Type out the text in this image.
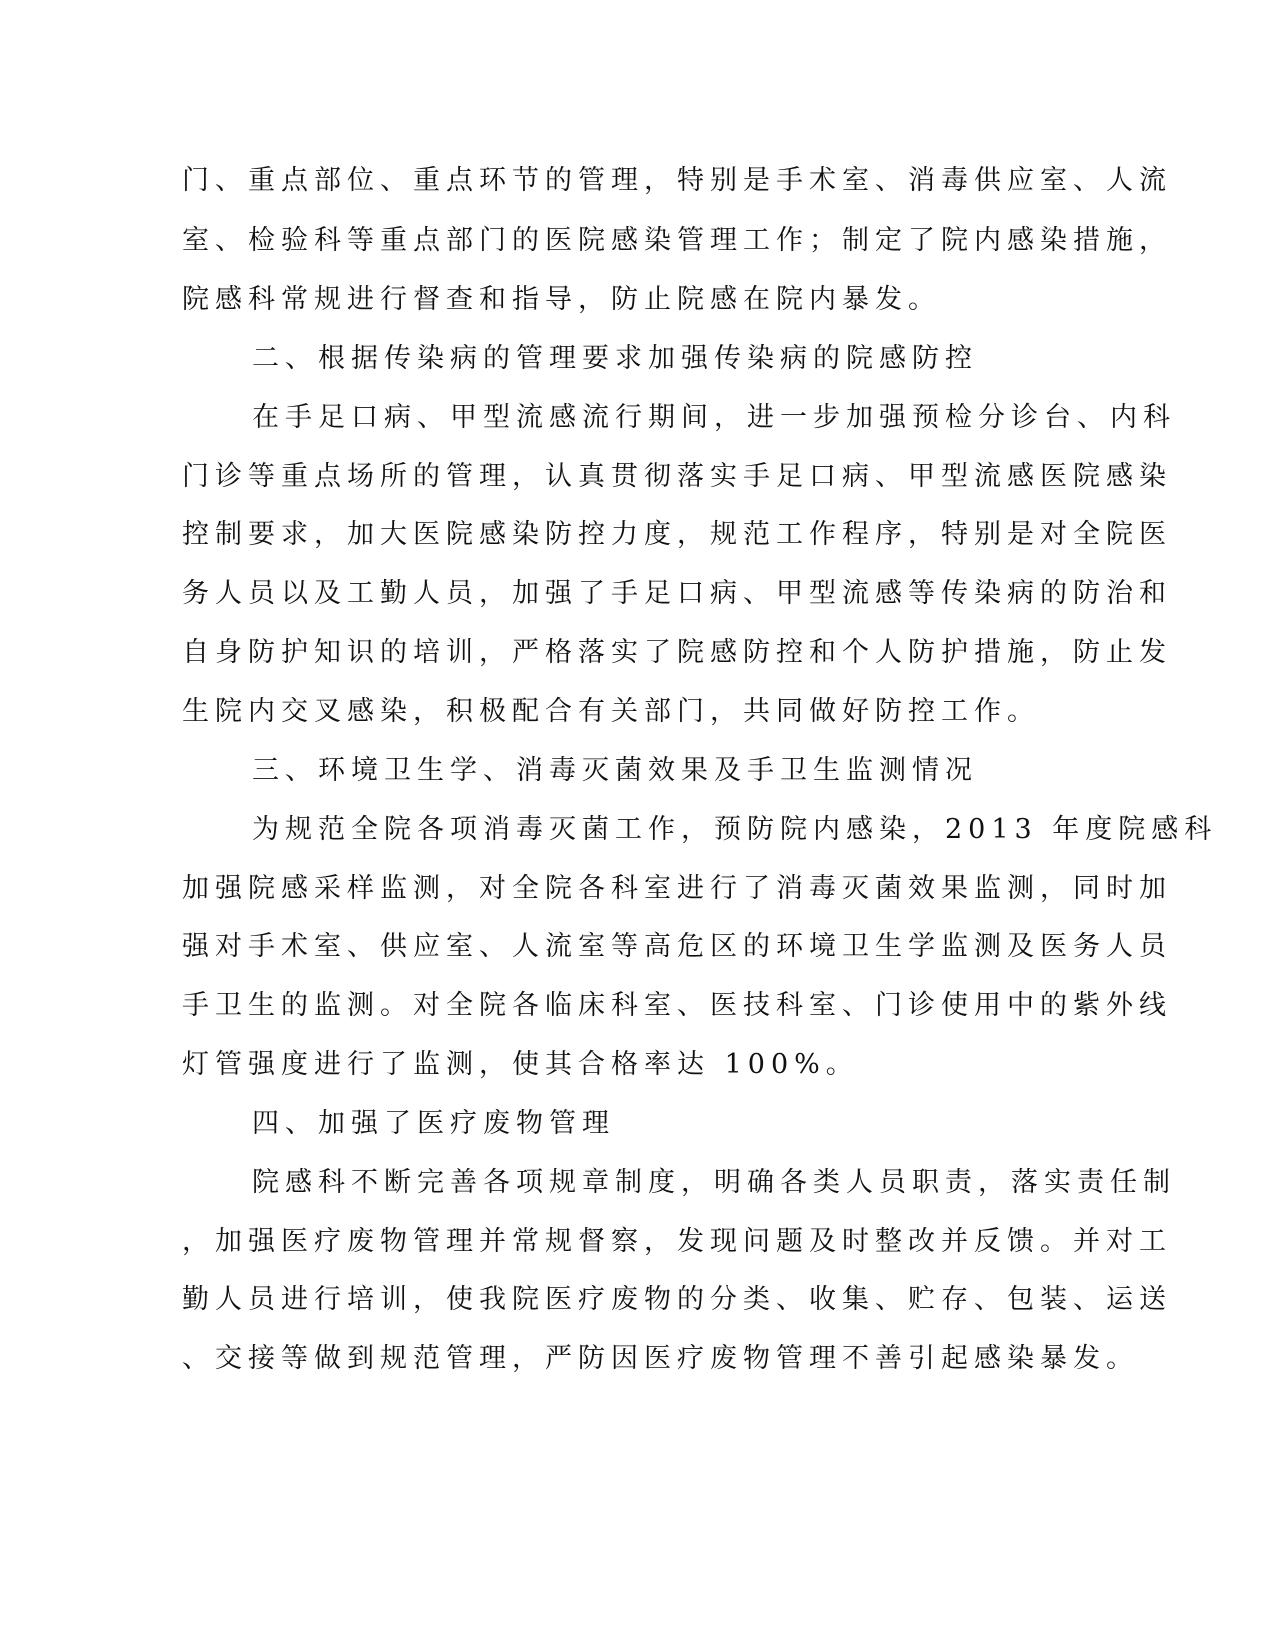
门、重点部位、重点环节的管理，特别是手术室、消毒供应室、人流
室、检验科等重点部门的医院感染管理工作；制定了院内感染措施，
院感科常规进行督查和指导，防止院感在院内暴发。
二、根据传染病的管理要求加强传染病的院感防控
在手足口病、甲型流感流行期间，进一步加强预检分诊台、内科
门诊等重点场所的管理，认真贯彻落实手足口病、甲型流感医院感染
控制要求，加大医院感染防控力度，规范工作程序，特别是对全院医
务人员以及工勤人员，加强了手足口病、甲型流感等传染病的防治和
自身防护知识的培训，严格落实了院感防控和个人防护措施，防止发
生院内交叉感染，积极配合有关部门，共同做好防控工作。
三、环境卫生学、消毒灭菌效果及手卫生监测情况
为规范全院各项消毒灭菌工作，预防院内感染，2013 年度院感科
加强院感采样监测，对全院各科室进行了消毒灭菌效果监测，同时加
强对手术室、供应室、人流室等高危区的环境卫生学监测及医务人员
手卫生的监测。对全院各临床科室、医技科室、门诊使用中的紫外线
灯管强度进行了监测，使其合格率达 100%。
四、加强了医疗废物管理
院感科不断完善各项规章制度，明确各类人员职责，落实责任制
，加强医疗废物管理并常规督察，发现问题及时整改并反馈。并对工
勤人员进行培训，使我院医疗废物的分类、收集、贮存、包装、运送
、交接等做到规范管理，严防因医疗废物管理不善引起感染暴发。
